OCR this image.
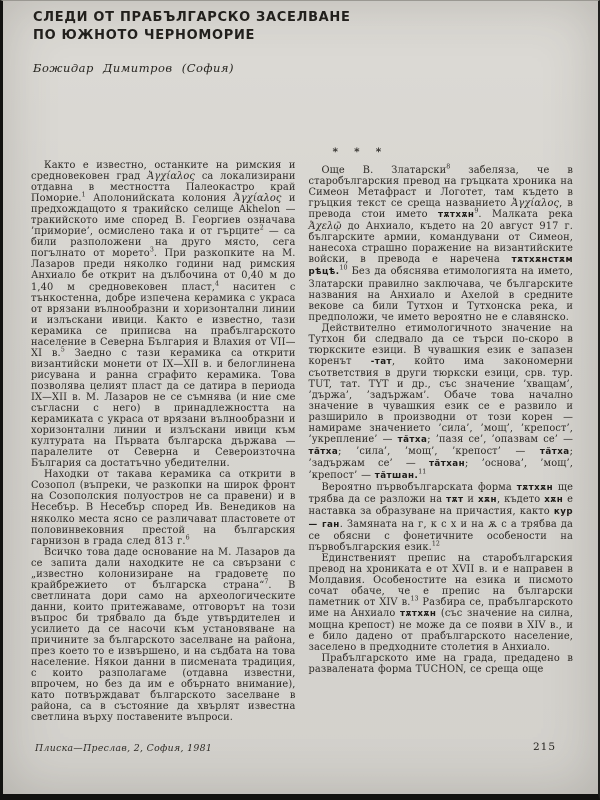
СЛЕДИ ОТ ПРАБЪЛГАРСКО ЗАСЕЛВАНЕ
ПО ЮЖНОТО ЧЕРНОМОРИЕ
Божидар Димитров (София)

Както е известно, останките на римския и средновековен град Ἀγχίαλος са локализирани отдавна в местността Палеокастро край Поморие.$^1$ Аполонийската колония Ἀγχίαλος и предхождащото я тракийско селище Akhelon — тракийското име според В. Георгиев означава ’приморие’, осмислено така и от гърците$^2$ — са били разположени на друго място, сега погълнато от морето$^3$. При разкопките на М. Лазаров преди няколко години над римския Анхиало бе открит на дълбочина от 0,40 м до 1,40 м средновековен пласт,$^4$ наситен с тънкостенна, добре изпечена керамика с украса от врязани вълнообразни и хоризонтални линии и излъскани ивици. Както е известно, тази керамика се приписва на прабългарското население в Северна България и Влахия от VII—XI в.$^5$ Заедно с тази керамика са открити византийски монети от IX—XII в. и белоглинена рисувана и ранна сграфито керамика. Това позволява целият пласт да се датира в периода IX—XII в. М. Лазаров не се съмнява (и ние сме съгласни с него) в принадлежността на керамиката с украса от врязани вълнообразни и хоризонтални линии и излъскани ивици към културата на Първата българска държава — паралелите от Северна и Североизточна България са достатъчно убедителни.

Находки от такава керамика са открити в Созопол (въпреки, че разкопки на широк фронт на Созополския полуостров не са правени) и в Несебър. В Несебър според Ив. Венедиков на няколко места ясно се различават пластовете от половинвековния престой на българския гарнизон в града след 813 г.$^6$

Всичко това даде основание на М. Лазаров да се запита дали находките не са свързани с „известно колонизиране на градовете по крайбрежието от българска страна“$^7$. В светлината дори само на археологическите данни, които притежаваме, отговорът на този въпрос би трябвало да бъде утвърдителен и усилието да се насочи към установяване на причините за българското заселване на района, през което то е извършено, и на съдбата на това население. Някои данни в писмената традиция, с които разполагаме (отдавна известни, впрочем, но без да им е обърнато внимание), като потвърждават българското заселване в района, са в състояние да хвърлят известна светлина върху поставените въпроси.

* * *

Още В. Златарски$^8$ забеляза, че в старобългарския превод на гръцката хроника на Симеон Метафраст и Логотет, там където в гръцкия текст се среща названието Ἀγχίαλος, в превода стои името тѫтхѫн$^9$. Малката река Ἀχελῷ до Анхиало, където на 20 август 917 г. българските армии, командувани от Симеон, нанесоха страшно поражение на византийските войски, в превода е наречена тѫтхѫнстѫм рѣцѣ.$^{10}$ Без да обяснява етимологията на името, Златарски правилно заключава, че българските названия на Анхиало и Ахелой в средните векове са били Тутхон и Тутхонска река, и предположи, че името вероятно не е славянско.

Действително етимологичното значение на Тутхон би следвало да се търси по-скоро в тюркските езици. В чувашкия език е запазен коренът -тат, който има закономерни съответствия в други тюркски езици, срв. тур. TUT, тат. TYT и др., със значение ’хващам’, ’държа’, ’задържам’. Обаче това начално значение в чувашкия език се е развило и разширило в производни от този корен — намираме значението ’сила’, ’мощ’, ’крепост’, ’укрепление’ — тăтха; ’пазя се’, ’опазвам се’ — тăтха; ’сила’, ’мощ’, ’крепост’ — тăтха; ’задържам се’ — тăтхан; ’основа’, ’мощ’, ’крепост’ — тăтшан.$^{11}$

Вероятно първобългарската форма тѫтхѫн ще трябва да се разложи на тѫт и хѫн, където хѫн е наставка за образуване на причастия, както кур — ган. Замяната на г, к с х и на ѫ с а трябва да се обясни с фонетичните особености на първобългарския език.$^{12}$

Единственият препис на старобългарския превод на хрониката е от XVII в. и е направен в Молдавия. Особеностите на езика и писмото сочат обаче, че е препис на български паметник от XIV в.$^{13}$ Разбира се, прабългарското име на Анхиало тѫтхѫн (със значение на силна, мощна крепост) не може да се появи в XIV в., и е било дадено от прабългарското население, заселено в предходните столетия в Анхиало.

Прабългарското име на града, предадено в развалената форма TUCHON, се среща още

Плиска—Преслав, 2, София, 1981	215
